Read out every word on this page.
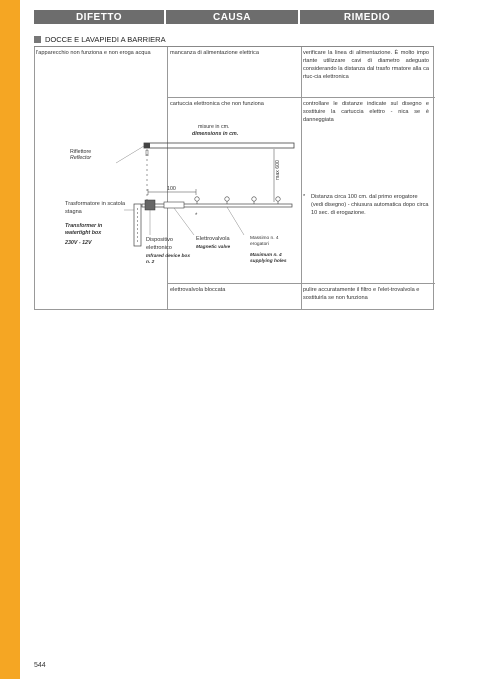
DIFETTO	CAUSA	RIMEDIO
DOCCE E LAVAPIEDI A BARRIERA
l'apparecchio non funziona e non eroga acqua	mancanza di alimentazione elettrica	verificare la linea di alimentazione. È molto impo rtante utilizzare cavi di diametro adeguato considerando la distanza dal trasfo rmatore alla ca rtuc-cia elettronica
cartuccia elettronica che non funziona	controllare le distanze indicate sul disegno e sostituire la cartuccia elettro - nica se è danneggiata
*	Distanza circa 100 cm. dal primo erogatore (vedi disegno) - chiusura automatica dopo circa 10 sec. di erogazione.
elettrovalvola bloccata	pulire accuratamente il filtro e l'elet-trovalvola e sostituirla se non funziona
*
max 600
misure in cm.
dimensions in cm.
Riflettore
Reflector
100
Trasformatore in scatola stagna
Transformer in watertight box
230V - 12V	Dispositivo elettronico
Infrared device box n. 2
Elettrovalvola
Magnetic valve
Massimo n. 4 erogatori
Maximum n. 4 supplying holes
544
